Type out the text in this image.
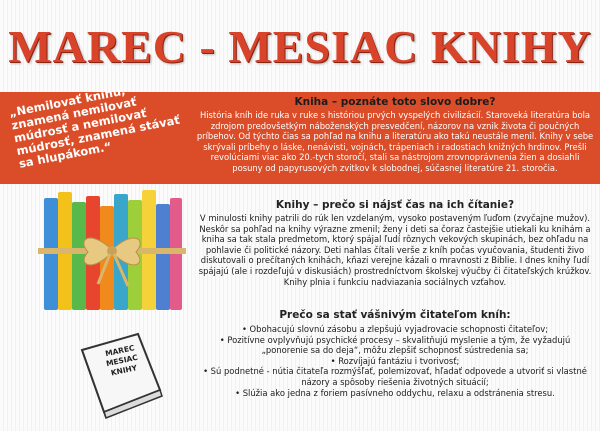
MAREC - MESIAC KNIHY
„Nemilovať knihu, znamená nemilovať múdrosť a nemilovať múdrosť, znamená stávať sa hlupákom.“
Kniha – poznáte toto slovo dobre?
História kníh ide ruka v ruke s históriou prvých vyspelých civilizácií. Staroveká literatúra bola zdrojom predovšetkým náboženských presvedčení, názorov na vznik života či poučných príbehov. Od týchto čias sa pohľad na knihu a literatúru ako takú neustále menil. Knihy v sebe skrývali príbehy o láske, nenávisti, vojnách, trápeniach i radostiach knižných hrdinov. Prešli revolúciami viac ako 20.-tych storočí, stali sa nástrojom zrovnoprávnenia žien a dosiahli posuny od papyrusových zvitkov k slobodnej, súčasnej literatúre 21. storočia.
Knihy – prečo si nájsť čas na ich čítanie?
V minulosti knihy patrili do rúk len vzdelaným, vysoko postaveným ľuďom (zvyčajne mužov). Neskôr sa pohľad na knihy výrazne zmenil; ženy i deti sa čoraz častejšie utiekali ku knihám a kniha sa tak stala predmetom, ktorý spájal ľudí rôznych vekových skupinách, bez ohľadu na pohlavie či politické názory. Deti nahlas čítali verše z kníh počas vyučovania, študenti živo diskutovali o prečítaných knihách, kňazi verejne kázali o mravnosti z Biblie. I dnes knihy ľudí spájajú (ale i rozdeľujú v diskusiách) prostredníctvom školskej výučby či čitateľských krúžkov. Knihy plnia i funkciu nadviazania sociálnych vzťahov.
Prečo sa stať vášnivým čitateľom kníh:
• Obohacujú slovnú zásobu a zlepšujú vyjadrovacie schopnosti čitateľov;
• Pozitívne ovplyvňujú psychické procesy – skvalitňujú myslenie a tým, že vyžadujú „ponorenie sa do deja“, môžu zlepšiť schopnosť sústredenia sa;
• Rozvíjajú fantáziu i tvorivosť;
• Sú podnetné - nútia čitateľa rozmýšľať, polemizovať, hľadať odpovede a utvoriť si vlastné názory a spôsoby riešenia životných situácií;
• Slúžia ako jedna z foriem pasívneho oddychu, relaxu a odstránenia stresu.
MAREC MESIAC KNIHY
